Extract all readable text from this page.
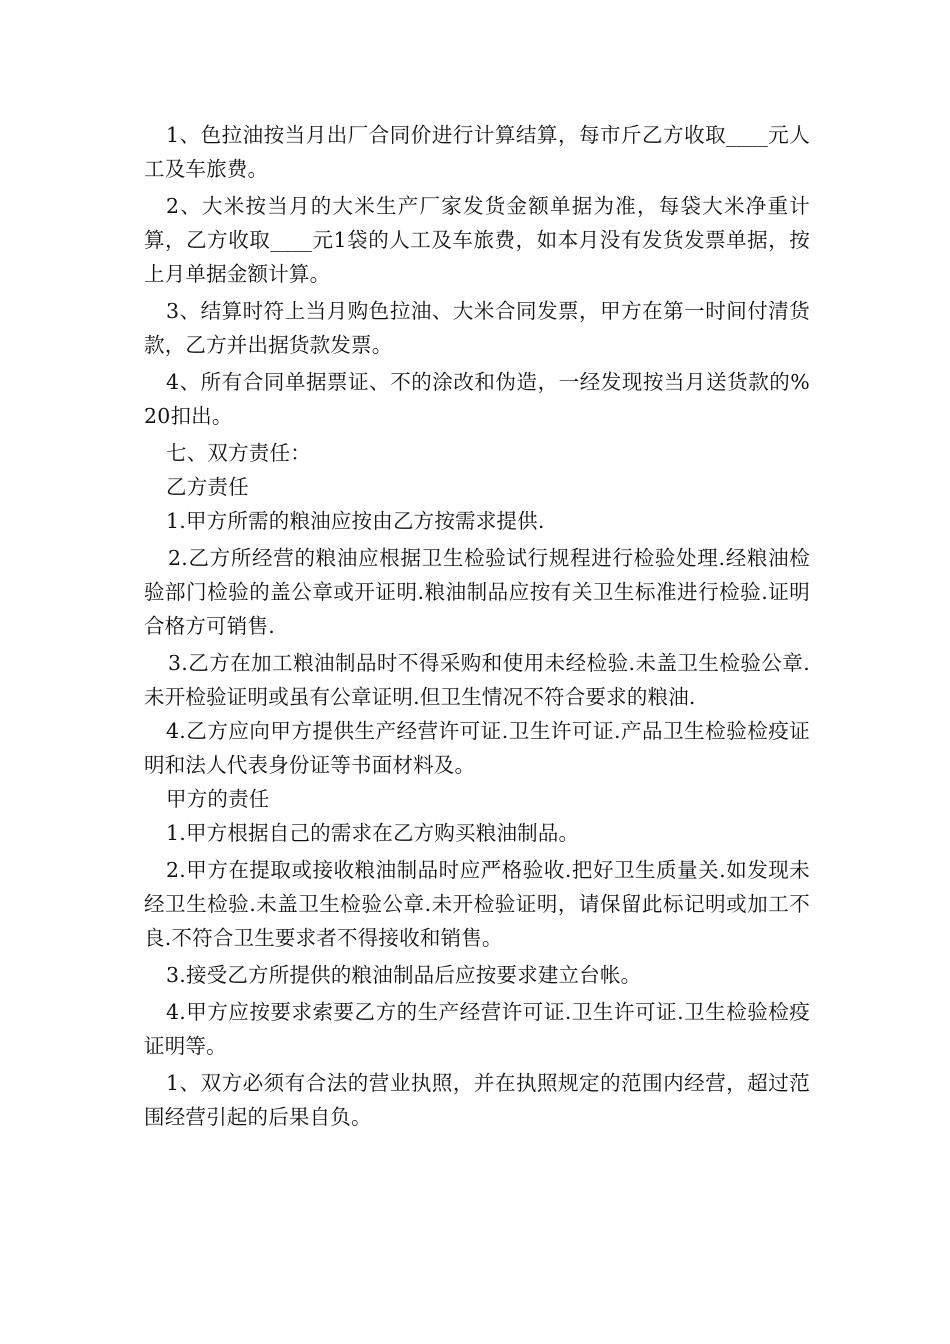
1、色拉油按当月出厂合同价进行计算结算，每市斤乙方收取____元人工及车旅费。

2、大米按当月的大米生产厂家发货金额单据为准，每袋大米净重计算，乙方收取____元1袋的人工及车旅费，如本月没有发货发票单据，按上月单据金额计算。

3、结算时符上当月购色拉油、大米合同发票，甲方在第一时间付清货款，乙方并出据货款发票。

4、所有合同单据票证、不的涂改和伪造，一经发现按当月送货款的%20扣出。

七、双方责任：

乙方责任

1.甲方所需的粮油应按由乙方按需求提供.

2.乙方所经营的粮油应根据卫生检验试行规程进行检验处理.经粮油检验部门检验的盖公章或开证明.粮油制品应按有关卫生标准进行检验.证明合格方可销售.

3.乙方在加工粮油制品时不得采购和使用未经检验.未盖卫生检验公章.未开检验证明或虽有公章证明.但卫生情况不符合要求的粮油.

4.乙方应向甲方提供生产经营许可证.卫生许可证.产品卫生检验检疫证明和法人代表身份证等书面材料及。

甲方的责任

1.甲方根据自己的需求在乙方购买粮油制品。

2.甲方在提取或接收粮油制品时应严格验收.把好卫生质量关.如发现未经卫生检验.未盖卫生检验公章.未开检验证明，请保留此标记明或加工不良.不符合卫生要求者不得接收和销售。

3.接受乙方所提供的粮油制品后应按要求建立台帐。

4.甲方应按要求索要乙方的生产经营许可证.卫生许可证.卫生检验检疫证明等。

1、双方必须有合法的营业执照，并在执照规定的范围内经营，超过范围经营引起的后果自负。
